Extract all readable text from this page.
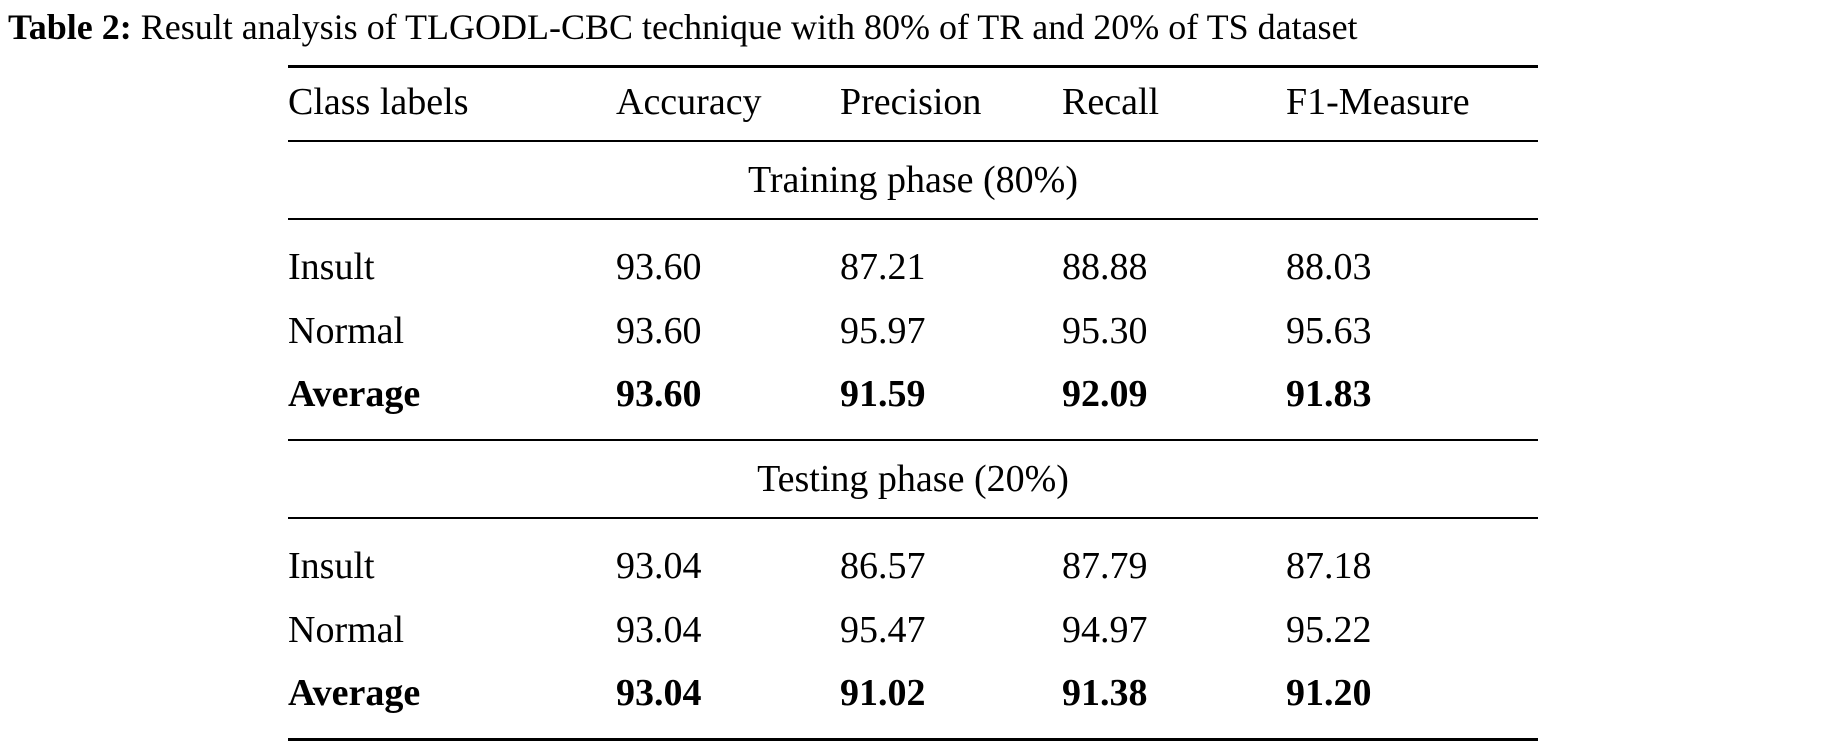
Table 2: Result analysis of TLGODL-CBC technique with 80% of TR and 20% of TS dataset

Class labels	Accuracy	Precision	Recall	F1-Measure

Training phase (80%)				

Insult	93.60	87.21	88.88	88.03
Normal	93.60	95.97	95.30	95.63
Average	93.60	91.59	92.09	91.83

Testing phase (20%)				

Insult	93.04	86.57	87.79	87.18
Normal	93.04	95.47	94.97	95.22
Average	93.04	91.02	91.38	91.20
